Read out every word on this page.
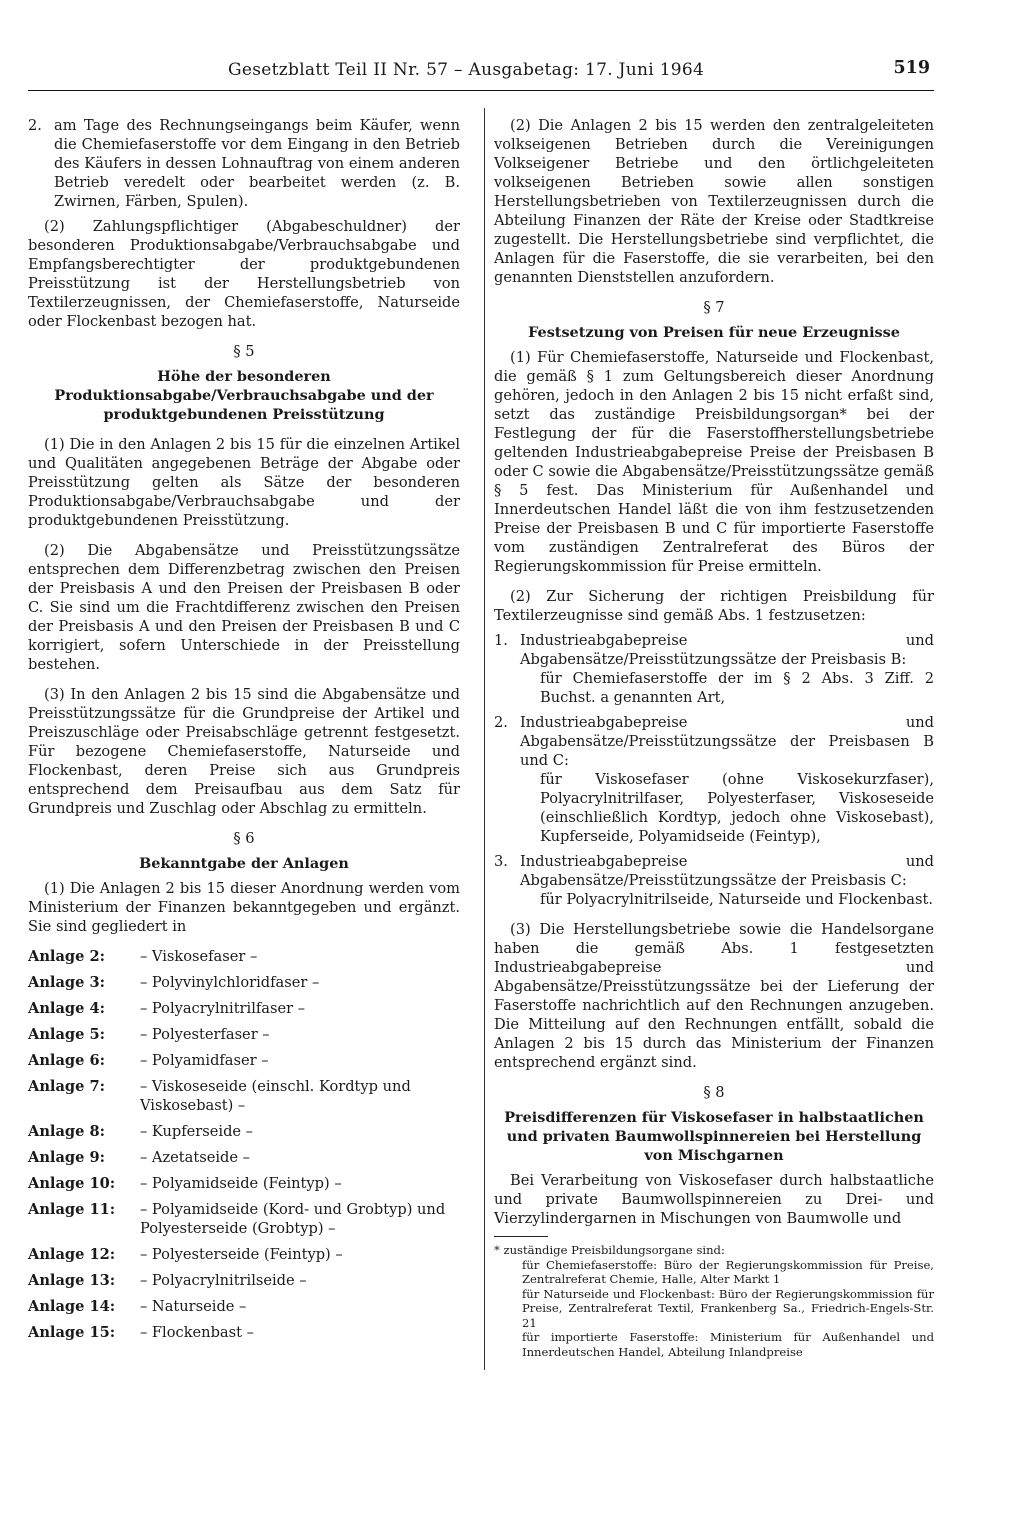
Gesetzblatt Teil II Nr. 57 – Ausgabetag: 17. Juni 1964	519
2. am Tage des Rechnungseingangs beim Käufer, wenn die Chemiefaserstoffe vor dem Eingang in den Betrieb des Käufers in dessen Lohnauftrag von einem anderen Betrieb veredelt oder bearbeitet werden (z. B. Zwirnen, Färben, Spulen).

(2) Zahlungspflichtiger (Abgabeschuldner) der besonderen Produktionsabgabe/Verbrauchsabgabe und Empfangsberechtigter der produktgebundenen Preisstützung ist der Herstellungsbetrieb von Textilerzeugnissen, der Chemiefaserstoffe, Naturseide oder Flockenbast bezogen hat.

§ 5

Höhe der besonderen Produktionsabgabe/Verbrauchsabgabe und der produktgebundenen Preisstützung

(1) Die in den Anlagen 2 bis 15 für die einzelnen Artikel und Qualitäten angegebenen Beträge der Abgabe oder Preisstützung gelten als Sätze der besonderen Produktionsabgabe/Verbrauchsabgabe und der produktgebundenen Preisstützung.

(2) Die Abgabensätze und Preisstützungssätze entsprechen dem Differenzbetrag zwischen den Preisen der Preisbasis A und den Preisen der Preisbasen B oder C. Sie sind um die Frachtdifferenz zwischen den Preisen der Preisbasis A und den Preisen der Preisbasen B und C korrigiert, sofern Unterschiede in der Preisstellung bestehen.

(3) In den Anlagen 2 bis 15 sind die Abgabensätze und Preisstützungssätze für die Grundpreise der Artikel und Preiszuschläge oder Preisabschläge getrennt festgesetzt. Für bezogene Chemiefaserstoffe, Naturseide und Flockenbast, deren Preise sich aus Grundpreis entsprechend dem Preisaufbau aus dem Satz für Grundpreis und Zuschlag oder Abschlag zu ermitteln.

§ 6

Bekanntgabe der Anlagen

(1) Die Anlagen 2 bis 15 dieser Anordnung werden vom Ministerium der Finanzen bekanntgegeben und ergänzt. Sie sind gegliedert in

Anlage 2:	– Viskosefaser –
Anlage 3:	– Polyvinylchloridfaser –
Anlage 4:	– Polyacrylnitrilfaser –
Anlage 5:	– Polyesterfaser –
Anlage 6:	– Polyamidfaser –
Anlage 7:	– Viskoseseide (einschl. Kordtyp und Viskosebast) –
Anlage 8:	– Kupferseide –
Anlage 9:	– Azetatseide –
Anlage 10:	– Polyamidseide (Feintyp) –
Anlage 11:	– Polyamidseide (Kord- und Grobtyp) und Polyesterseide (Grobtyp) –
Anlage 12:	– Polyesterseide (Feintyp) –
Anlage 13:	– Polyacrylnitrilseide –
Anlage 14:	– Naturseide –
Anlage 15:	– Flockenbast –

(2) Die Anlagen 2 bis 15 werden den zentralgeleiteten volkseigenen Betrieben durch die Vereinigungen Volkseigener Betriebe und den örtlichgeleiteten volkseigenen Betrieben sowie allen sonstigen Herstellungsbetrieben von Textilerzeugnissen durch die Abteilung Finanzen der Räte der Kreise oder Stadtkreise zugestellt. Die Herstellungsbetriebe sind verpflichtet, die Anlagen für die Faserstoffe, die sie verarbeiten, bei den genannten Dienststellen anzufordern.

§ 7

Festsetzung von Preisen für neue Erzeugnisse

(1) Für Chemiefaserstoffe, Naturseide und Flockenbast, die gemäß § 1 zum Geltungsbereich dieser Anordnung gehören, jedoch in den Anlagen 2 bis 15 nicht erfaßt sind, setzt das zuständige Preisbildungsorgan* bei der Festlegung der für die Faserstoffherstellungsbetriebe geltenden Industrieabgabepreise Preise der Preisbasen B oder C sowie die Abgabensätze/Preisstützungssätze gemäß § 5 fest. Das Ministerium für Außenhandel und Innerdeutschen Handel läßt die von ihm festzusetzenden Preise der Preisbasen B und C für importierte Faserstoffe vom zuständigen Zentralreferat des Büros der Regierungskommission für Preise ermitteln.

(2) Zur Sicherung der richtigen Preisbildung für Textilerzeugnisse sind gemäß Abs. 1 festzusetzen:

1. Industrieabgabepreise und Abgabensätze/Preisstützungssätze der Preisbasis B:

für Chemiefaserstoffe der im § 2 Abs. 3 Ziff. 2 Buchst. a genannten Art,

2. Industrieabgabepreise und Abgabensätze/Preisstützungssätze der Preisbasen B und C:

für Viskosefaser (ohne Viskosekurzfaser), Polyacrylnitrilfaser, Polyesterfaser, Viskoseseide (einschließlich Kordtyp, jedoch ohne Viskosebast), Kupferseide, Polyamidseide (Feintyp),

3. Industrieabgabepreise und Abgabensätze/Preisstützungssätze der Preisbasis C:

für Polyacrylnitrilseide, Naturseide und Flockenbast.

(3) Die Herstellungsbetriebe sowie die Handelsorgane haben die gemäß Abs. 1 festgesetzten Industrieabgabepreise und Abgabensätze/Preisstützungssätze bei der Lieferung der Faserstoffe nachrichtlich auf den Rechnungen anzugeben. Die Mitteilung auf den Rechnungen entfällt, sobald die Anlagen 2 bis 15 durch das Ministerium der Finanzen entsprechend ergänzt sind.

§ 8

Preisdifferenzen für Viskosefaser in halbstaatlichen und privaten Baumwollspinnereien bei Herstellung von Mischgarnen

Bei Verarbeitung von Viskosefaser durch halbstaatliche und private Baumwollspinnereien zu Drei- und Vierzylindergarnen in Mischungen von Baumwolle und

* zuständige Preisbildungsorgane sind:

für Chemiefaserstoffe: Büro der Regierungskommission für Preise, Zentralreferat Chemie, Halle, Alter Markt 1

für Naturseide und Flockenbast: Büro der Regierungskommission für Preise, Zentralreferat Textil, Frankenberg Sa., Friedrich-Engels-Str. 21

für importierte Faserstoffe: Ministerium für Außenhandel und Innerdeutschen Handel, Abteilung Inlandpreise
